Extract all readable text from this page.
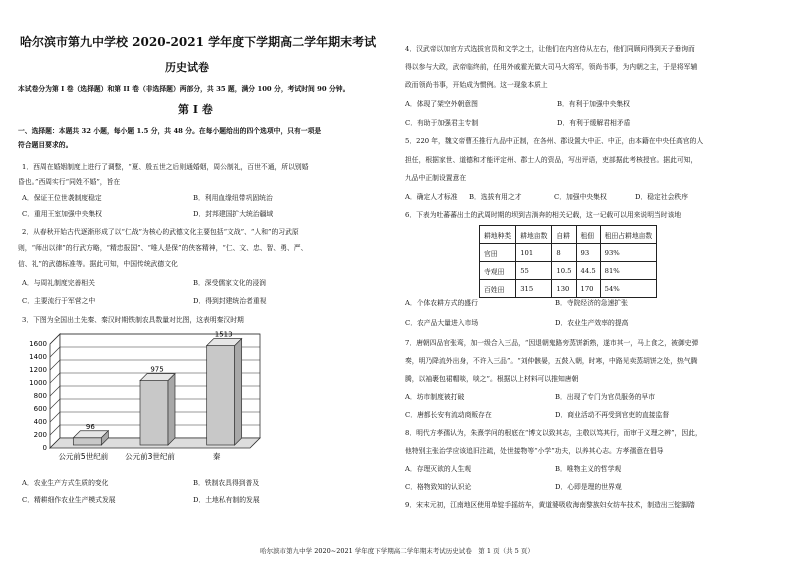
哈尔滨市第九中学校 2020-2021 学年度下学期高二学年期末考试
历史试卷
本试卷分为第 I 卷（选择题）和第 II 卷（非选择题）两部分，共 35 题，满分 100 分，考试时间 90 分钟。
第 I 卷
一、选择题：本题共 32 小题，每小题 1.5 分，共 48 分。在每小题给出的四个选项中，只有一项是
符合题目要求的。
1．西周在婚姻制度上进行了调整，“夏、殷五世之后则通婚姻，周公制礼，百世不通，所以别婚
昏也。”西周实行“同姓不婚”，旨在
A．保证王位世袭制度稳定	B．利用血缘纽带巩固统治
C．重用王室加强中央集权	D．封邦建国扩大统治疆域
2．从春秋开始古代逐渐形成了以“仁战”为核心的武德文化主要包括“文战”、“人和”的习武原
则，“师出以律”的行武方略，“精忠报国”、“唯人是保”的侠客精神，“仁、文、忠、智、勇、严、
信、礼”的武德标准等。据此可知，中国传统武德文化
A．与周礼制度完善相关	B．深受儒家文化的浸润
C．主要流行于军营之中	D．得到封建统治者重视
3．下图为全国出土先秦、秦汉时期铁制农具数量对比图，这表明秦汉时期
0
200
400
600
800
1000
1200
1400
1600
96
公元前5世纪前
975
公元前3世纪前
1513
秦
A．农业生产方式生质的变化	B．铁制农具得到普及
C．精耕细作农业生产模式发展	D．土地私有制的发展
4．汉武帝以加官方式选拔官员和文学之士，让他们在内宫侍从左右，他们同顾问得到天子垂询而
得以参与大政，武帝临终前，任用外戚霍光做大司马大将军，领尚书事，为内朝之主，于是将军辅
政而领尚书事，开始成为惯例。这一现象本质上
A．体现了架空外朝意图	B．有利于加强中央集权
C．有助于加强君主专制	D．有利于缓解君相矛盾
5．220 年，魏文帝曹丕推行九品中正制，在各州、郡设置大中正、中正，由本籍在中央任高官的人
担任，根据家世、道德和才能评定州、郡士人的资品，写出评语，吏部据此考核授官。据此可知，
九品中正制设置意在
A．确定人才标准 B．选拔有用之才	C．加强中央集权	D．稳定社会秩序
6．下表为吐蕃蕃出土的武周时期的坝到吉淌奔的相关记载，这一记载可以用来说明当时该地
耕地种类	耕地亩数	自耕	租佃	租田占耕地亩数
官田	101	8	93	93%
寺观田	55	10.5	44.5	81%
百姓田	315	130	170	54%
A．个体农耕方式的盛行	B．寺院经济的急速扩张
C．农产品大量进入市场	D．农业生产效率的提高
7．唐朝四品官张鸾，加一级合入三品，“因退朝鬼路旁蒸饼新熟，遂市其一，马上食之，被御史弹
奏，明乃降流外出身，不许入三品”。“刘仲骸晏，五鼓入朝，时寒，中路见卖蒸胡饼之处，热气腾
腾，以袖裹包裙帽啖，啖之”。根据以上材料可以推知唐朝
A．坊市制度被打破	B．出现了专门为官员服务的早市
C．唐都长安有流动商贩存在	D．商业活动不再受到官吏的直接监督
8．明代方孝孺认为，朱熹学问的根底在“博文以致其志，主敬以笃其行，而审于义理之辨”，因此，
他特别主张治学应该追旧注疏，处世接物等“小学”功夫，以养其心志。方孝孺意在倡导
A．存理灭欲的人生观	B．唯物主义的哲学观
C．格物致知的认识论	D．心即是理的世界观
9．宋末元初，江南地区使用单锭手摇纺车，黄道婆吸收海南黎族妇女纺车技术，制造出三锭脚踏
哈尔滨市第九中学 2020~2021 学年度下学期高二学年期末考试历史试卷　第 1 页（共 5 页）
